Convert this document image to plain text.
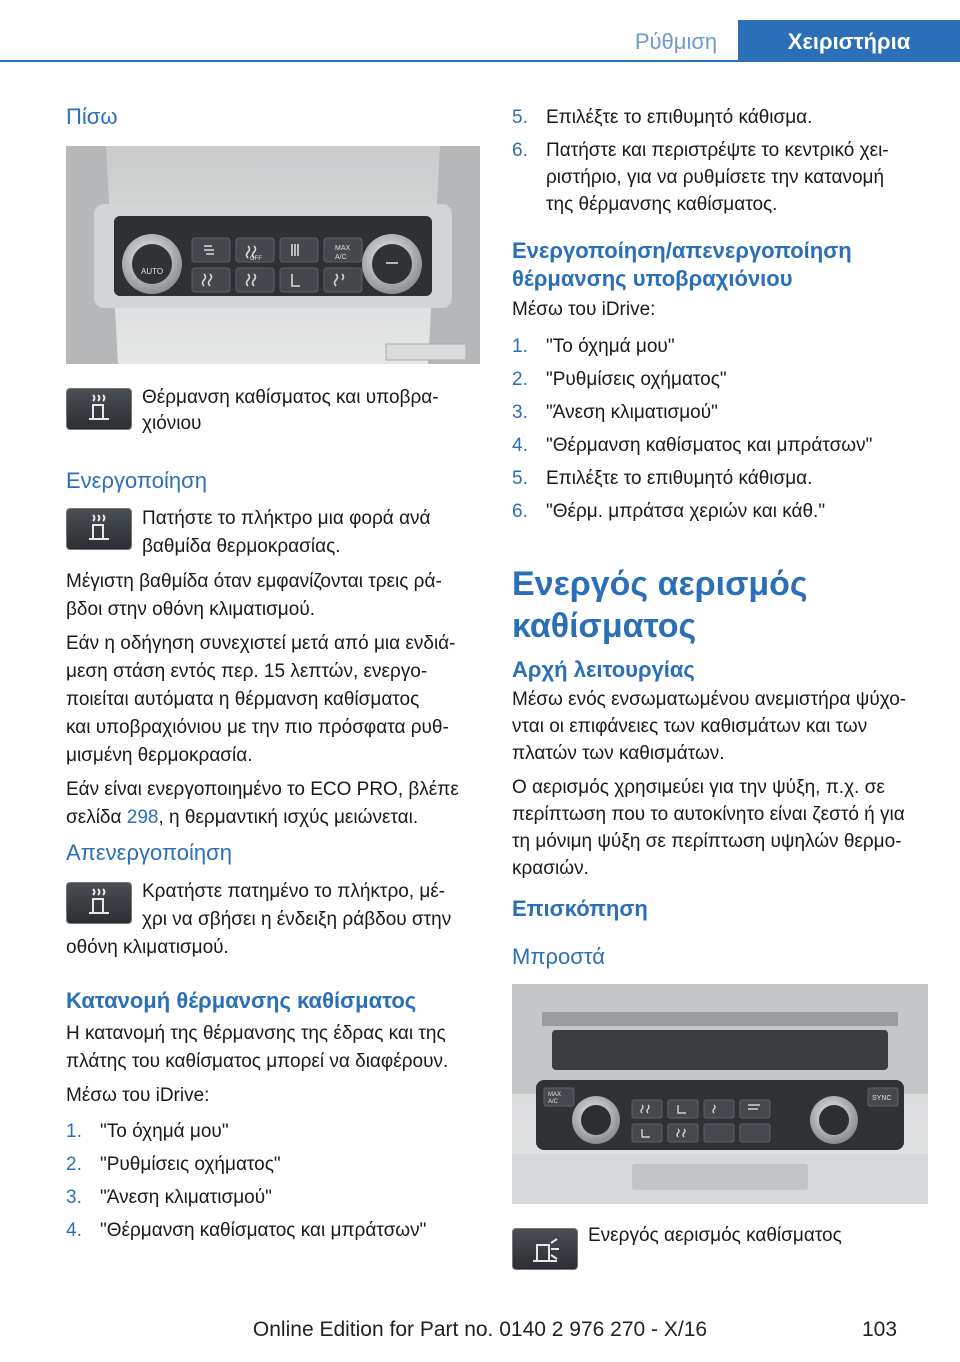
Ρύθμιση	Χειριστήρια
Πίσω
AUTO
OFF
MAX
A/C
Θέρμανση καθίσματος και υποβρα‐
χιόνιου
Ενεργοποίηση
Πατήστε το πλήκτρο μια φορά ανά
βαθμίδα θερμοκρασίας.
Μέγιστη βαθμίδα όταν εμφανίζονται τρεις ρά‐
βδοι στην οθόνη κλιματισμού.
Εάν η οδήγηση συνεχιστεί μετά από μια ενδιά‐
μεση στάση εντός περ. 15 λεπτών, ενεργο‐
ποιείται αυτόματα η θέρμανση καθίσματος
και υποβραχιόνιου με την πιο πρόσφατα ρυθ‐
μισμένη θερμοκρασία.
Εάν είναι ενεργοποιημένο το ECO PRO, βλέπε
σελίδα 298, η θερμαντική ισχύς μειώνεται.
Απενεργοποίηση
Κρατήστε πατημένο το πλήκτρο, μέ‐
χρι να σβήσει η ένδειξη ράβδου στην
οθόνη κλιματισμού.
Κατανομή θέρμανσης καθίσματος
Η κατανομή της θέρμανσης της έδρας και της
πλάτης του καθίσματος μπορεί να διαφέρουν.
Μέσω του iDrive:
1. "Το όχημά μου"
2. "Ρυθμίσεις οχήματος"
3. "Άνεση κλιματισμού"
4. "Θέρμανση καθίσματος και μπράτσων"
5. Επιλέξτε το επιθυμητό κάθισμα.
6. Πατήστε και περιστρέψτε το κεντρικό χει‐
ριστήριο, για να ρυθμίσετε την κατανομή
της θέρμανσης καθίσματος.
Ενεργοποίηση/απενεργοποίηση
θέρμανσης υποβραχιόνιου
Μέσω του iDrive:
1. "Το όχημά μου"
2. "Ρυθμίσεις οχήματος"
3. "Άνεση κλιματισμού"
4. "Θέρμανση καθίσματος και μπράτσων"
5. Επιλέξτε το επιθυμητό κάθισμα.
6. "Θέρμ. μπράτσα χεριών και κάθ."
Ενεργός αερισμός
καθίσματος
Αρχή λειτουργίας
Μέσω ενός ενσωματωμένου ανεμιστήρα ψύχο‐
νται οι επιφάνειες των καθισμάτων και των
πλατών των καθισμάτων.
Ο αερισμός χρησιμεύει για την ψύξη, π.χ. σε
περίπτωση που το αυτοκίνητο είναι ζεστό ή για
τη μόνιμη ψύξη σε περίπτωση υψηλών θερμο‐
κρασιών.
Επισκόπηση
Μπροστά
MAX
A/C	SYNC
Ενεργός αερισμός καθίσματος
103
Online Edition for Part no. 0140 2 976 270 - X/16
